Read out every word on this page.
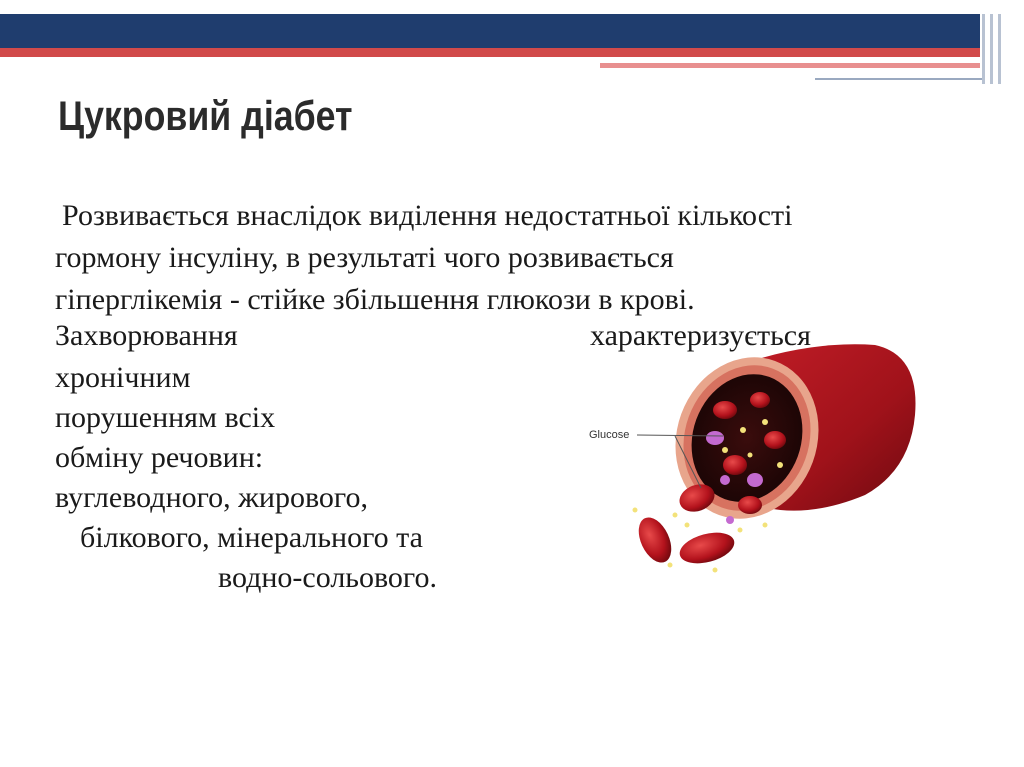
Цукровий діабет

Розвивається внаслідок виділення недостатньої кількості

гормону інсуліну, в результаті чого розвивається

гіперглікемія - стійке збільшення глюкози в крові.

Захворювання	характеризується

хронічним

порушенням всіх

обміну речовин:

вуглеводного, жирового,

білкового, мінерального та

водно-сольового.

Glucose
